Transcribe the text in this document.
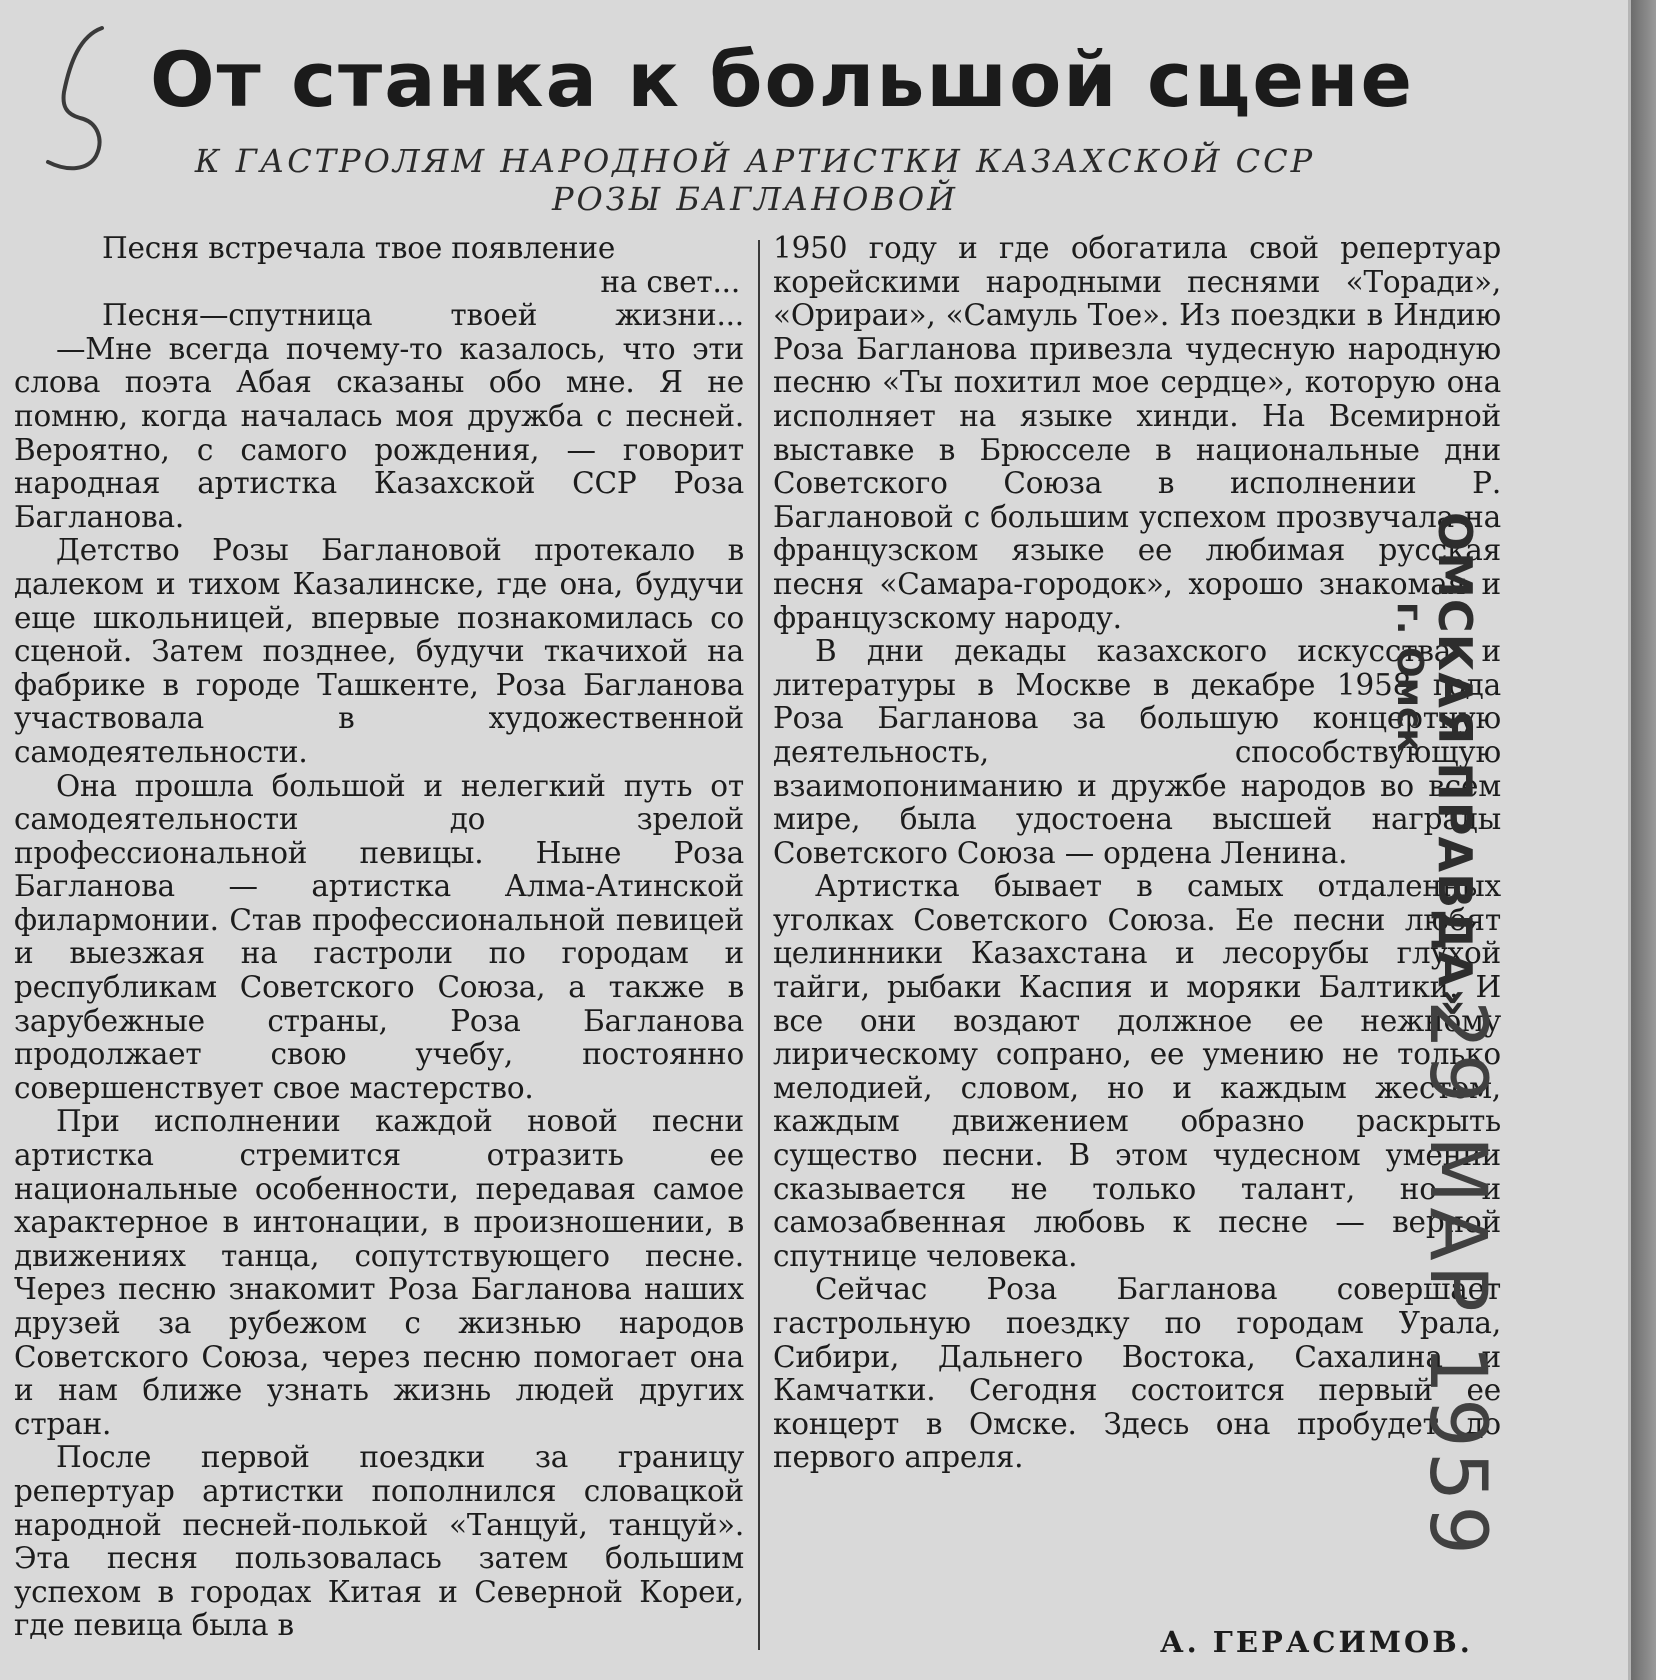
От станка к большой сцене
К ГАСТРОЛЯМ НАРОДНОЙ АРТИСТКИ КАЗАХСКОЙ ССР
РОЗЫ БАГЛАНОВОЙ

Песня встречала твое появление

на свет...

Песня—спутница твоей жизни...

—Мне всегда почему-то казалось, что эти слова поэта Абая сказаны обо мне. Я не помню, когда началась моя дружба с песней. Вероятно, с самого рождения, — говорит народная артистка Казахской ССР Роза Багланова.

Детство Розы Баглановой протекало в далеком и тихом Казалинске, где она, будучи еще школьницей, впервые познакомилась со сценой. Затем позднее, будучи ткачихой на фабрике в городе Ташкенте, Роза Багланова участвовала в художественной самодеятельности.

Она прошла большой и нелегкий путь от самодеятельности до зрелой профессиональной певицы. Ныне Роза Багланова — артистка Алма-Атинской филармонии. Став профессиональной певицей и выезжая на гастроли по городам и республикам Советского Союза, а также в зарубежные страны, Роза Багланова продолжает свою учебу, постоянно совершенствует свое мастерство.

При исполнении каждой новой песни артистка стремится отразить ее национальные особенности, передавая самое характерное в интонации, в произношении, в движениях танца, сопутствующего песне. Через песню знакомит Роза Багланова наших друзей за рубежом с жизнью народов Советского Союза, через песню помогает она и нам ближе узнать жизнь людей других стран.

После первой поездки за границу репертуар артистки пополнился словацкой народной песней-полькой «Танцуй, танцуй». Эта песня пользовалась затем большим успехом в городах Китая и Северной Кореи, где певица была в

1950 году и где обогатила свой репертуар корейскими народными песнями «Торади», «Орираи», «Самуль Тое». Из поездки в Индию Роза Багланова привезла чудесную народную песню «Ты похитил мое сердце», которую она исполняет на языке хинди. На Всемирной выставке в Брюсселе в национальные дни Советского Союза в исполнении Р. Баглановой с большим успехом прозвучала на французском языке ее любимая русская песня «Самара-городок», хорошо знакомая и французскому народу.

В дни декады казахского искусства и литературы в Москве в декабре 1958 года Роза Багланова за большую концертную деятельность, способствующую взаимопониманию и дружбе народов во всем мире, была удостоена высшей награды Советского Союза — ордена Ленина.

Артистка бывает в самых отдаленных уголках Советского Союза. Ее песни любят целинники Казахстана и лесорубы глухой тайги, рыбаки Каспия и моряки Балтики. И все они воздают должное ее нежному лирическому сопрано, ее умению не только мелодией, словом, но и каждым жестом, каждым движением образно раскрыть существо песни. В этом чудесном умении сказывается не только талант, но и самозабвенная любовь к песне — верной спутнице человека.

Сейчас Роза Багланова совершает гастрольную поездку по городам Урала, Сибири, Дальнего Востока, Сахалина и Камчатки. Сегодня состоится первый ее концерт в Омске. Здесь она пробудет до первого апреля.

А. ГЕРАСИМОВ.
ОМСКАЯ ПРАВДА»
г. Омск
29 МАР 1959
